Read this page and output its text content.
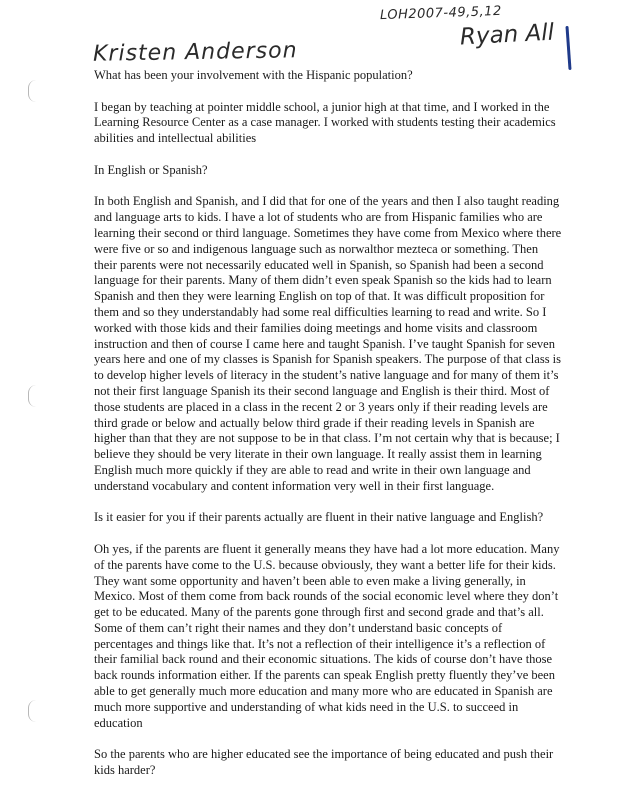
LOH2007-49,5,12
Ryan All
Kristen Anderson

What has been your involvement with the Hispanic population?

I began by teaching at pointer middle school, a junior high at that time, and I worked in the Learning Resource Center as a case manager. I worked with students testing their academics abilities and intellectual abilities

In English or Spanish?

In both English and Spanish, and I did that for one of the years and then I also taught reading and language arts to kids. I have a lot of students who are from Hispanic families who are learning their second or third language. Sometimes they have come from Mexico where there were five or so and indigenous language such as norwalthor mezteca or something. Then their parents were not necessarily educated well in Spanish, so Spanish had been a second language for their parents. Many of them didn’t even speak Spanish so the kids had to learn Spanish and then they were learning English on top of that. It was difficult proposition for them and so they understandably had some real difficulties learning to read and write. So I worked with those kids and their families doing meetings and home visits and classroom instruction and then of course I came here and taught Spanish. I’ve taught Spanish for seven years here and one of my classes is Spanish for Spanish speakers. The purpose of that class is to develop higher levels of literacy in the student’s native language and for many of them it’s not their first language Spanish its their second language and English is their third. Most of those students are placed in a class in the recent 2 or 3 years only if their reading levels are third grade or below and actually below third grade if their reading levels in Spanish are higher than that they are not suppose to be in that class. I’m not certain why that is because; I believe they should be very literate in their own language. It really assist them in learning English much more quickly if they are able to read and write in their own language and understand vocabulary and content information very well in their first language.

Is it easier for you if their parents actually are fluent in their native language and English?

Oh yes, if the parents are fluent it generally means they have had a lot more education. Many of the parents have come to the U.S. because obviously, they want a better life for their kids. They want some opportunity and haven’t been able to even make a living generally, in Mexico. Most of them come from back rounds of the social economic level where they don’t get to be educated. Many of the parents gone through first and second grade and that’s all. Some of them can’t right their names and they don’t understand basic concepts of percentages and things like that. It’s not a reflection of their intelligence it’s a reflection of their familial back round and their economic situations. The kids of course don’t have those back rounds information either. If the parents can speak English pretty fluently they’ve been able to get generally much more education and many more who are educated in Spanish are much more supportive and understanding of what kids need in the U.S. to succeed in education

So the parents who are higher educated see the importance of being educated and push their kids harder?
